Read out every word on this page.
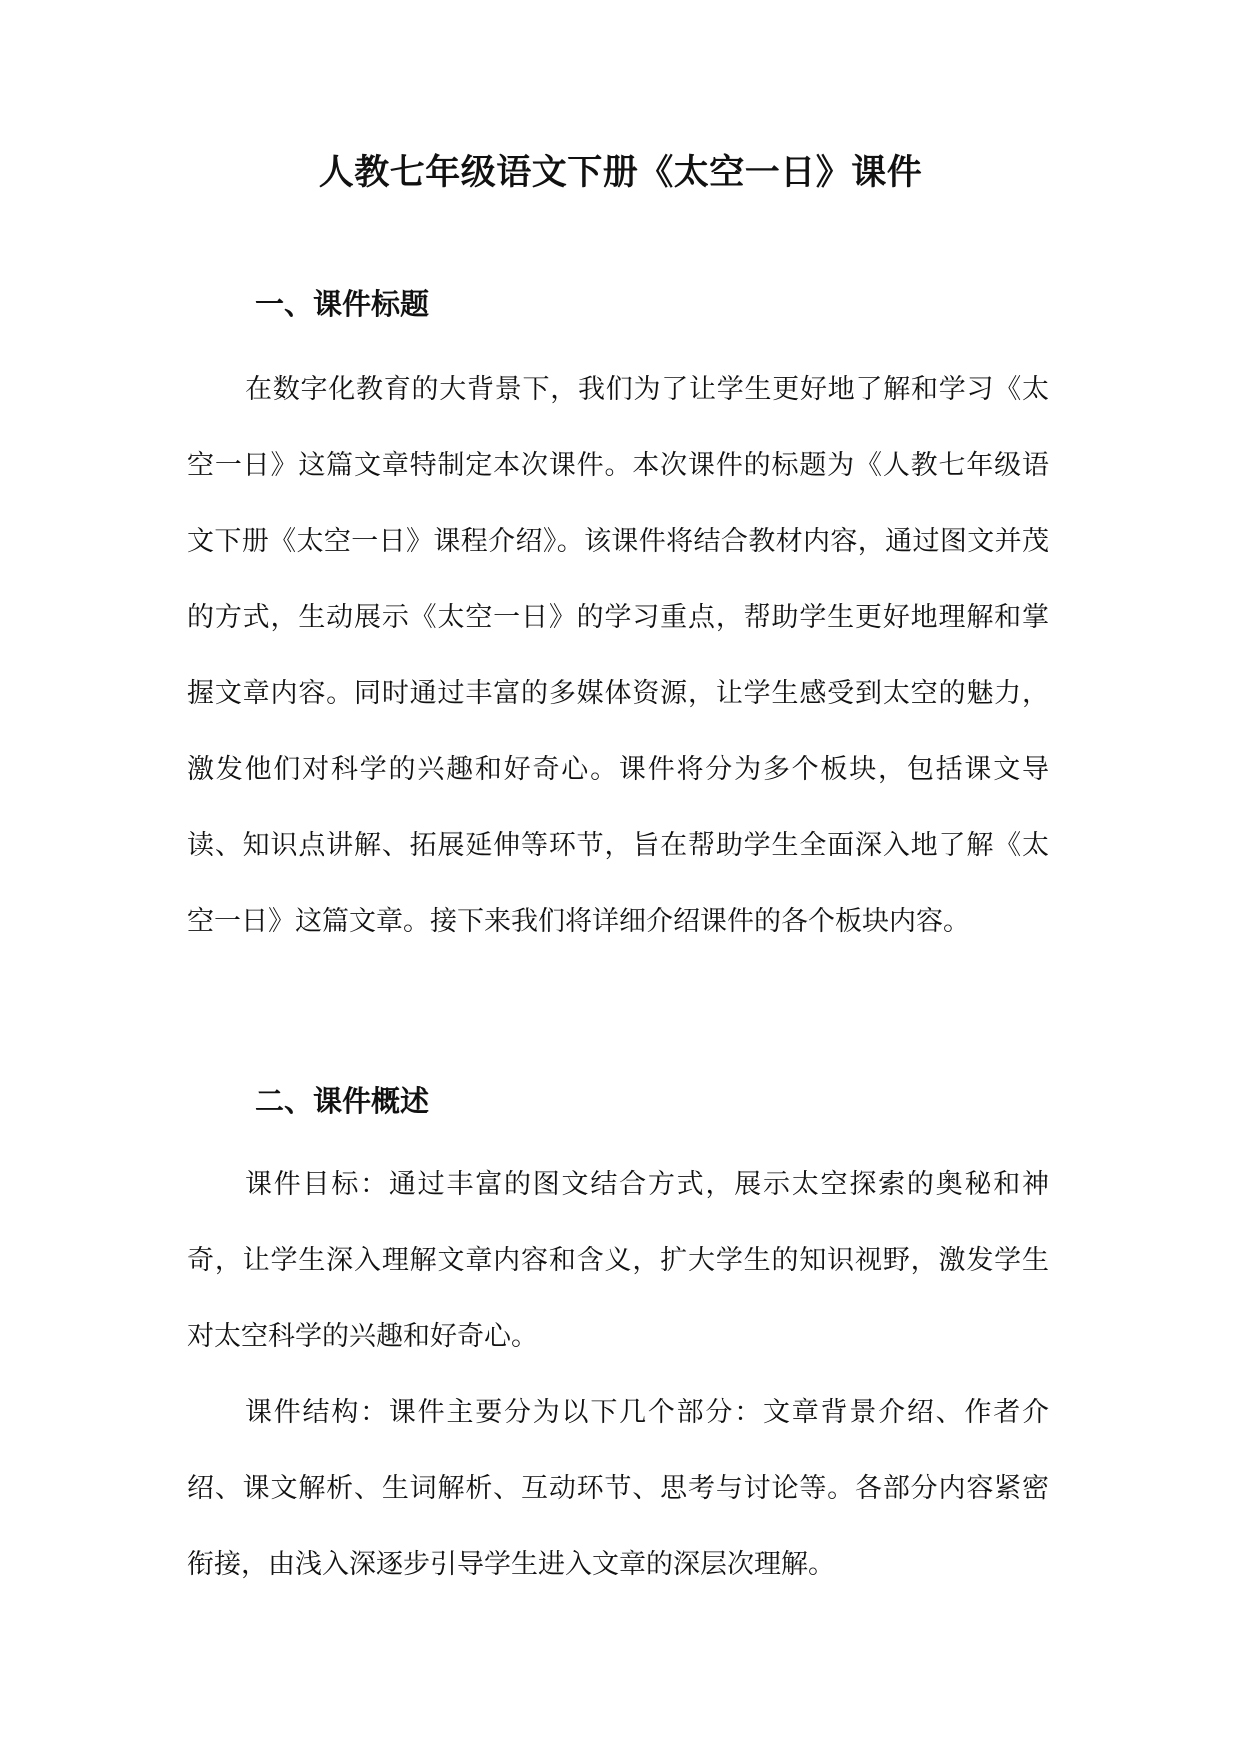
人教七年级语文下册《太空一日》课件
一、课件标题

在数字化教育的大背景下，我们为了让学生更好地了解和学习《太空一日》这篇文章特制定本次课件。本次课件的标题为《人教七年级语文下册《太空一日》课程介绍》。该课件将结合教材内容，通过图文并茂的方式，生动展示《太空一日》的学习重点，帮助学生更好地理解和掌握文章内容。同时通过丰富的多媒体资源，让学生感受到太空的魅力，激发他们对科学的兴趣和好奇心。课件将分为多个板块，包括课文导读、知识点讲解、拓展延伸等环节，旨在帮助学生全面深入地了解《太空一日》这篇文章。接下来我们将详细介绍课件的各个板块内容。

二、课件概述

课件目标：通过丰富的图文结合方式，展示太空探索的奥秘和神奇，让学生深入理解文章内容和含义，扩大学生的知识视野，激发学生对太空科学的兴趣和好奇心。

课件结构：课件主要分为以下几个部分：文章背景介绍、作者介绍、课文解析、生词解析、互动环节、思考与讨论等。各部分内容紧密衔接，由浅入深逐步引导学生进入文章的深层次理解。
